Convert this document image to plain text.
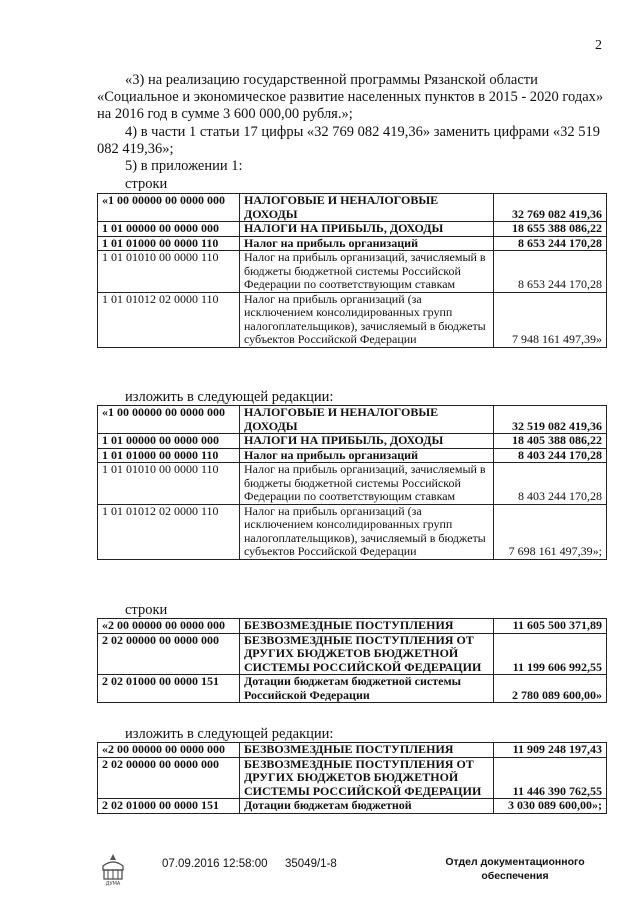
2
«3) на реализацию государственной программы Рязанской области «Социальное и экономическое развитие населенных пунктов в 2015 - 2020 годах» на 2016 год в сумме 3 600 000,00 рубля.»;
4) в части 1 статьи 17 цифры «32 769 082 419,36» заменить цифрами «32 519 082 419,36»;
5) в приложении 1:
строки
«1 00 00000 00 0000 000	НАЛОГОВЫЕ И НЕНАЛОГОВЫЕ ДОХОДЫ	32 769 082 419,36
1 01 00000 00 0000 000	НАЛОГИ НА ПРИБЫЛЬ, ДОХОДЫ	18 655 388 086,22
1 01 01000 00 0000 110	Налог на прибыль организаций	8 653 244 170,28
1 01 01010 00 0000 110	Налог на прибыль организаций, зачисляемый в бюджеты бюджетной системы Российской Федерации по соответствующим ставкам	8 653 244 170,28
1 01 01012 02 0000 110	Налог на прибыль организаций (за исключением консолидированных групп налогоплательщиков), зачисляемый в бюджеты субъектов Российской Федерации	7 948 161 497,39»
изложить в следующей редакции:
«1 00 00000 00 0000 000	НАЛОГОВЫЕ И НЕНАЛОГОВЫЕ ДОХОДЫ	32 519 082 419,36
1 01 00000 00 0000 000	НАЛОГИ НА ПРИБЫЛЬ, ДОХОДЫ	18 405 388 086,22
1 01 01000 00 0000 110	Налог на прибыль организаций	8 403 244 170,28
1 01 01010 00 0000 110	Налог на прибыль организаций, зачисляемый в бюджеты бюджетной системы Российской Федерации по соответствующим ставкам	8 403 244 170,28
1 01 01012 02 0000 110	Налог на прибыль организаций (за исключением консолидированных групп налогоплательщиков), зачисляемый в бюджеты субъектов Российской Федерации	7 698 161 497,39»;
строки
«2 00 00000 00 0000 000	БЕЗВОЗМЕЗДНЫЕ ПОСТУПЛЕНИЯ	11 605 500 371,89
2 02 00000 00 0000 000	БЕЗВОЗМЕЗДНЫЕ ПОСТУПЛЕНИЯ ОТ ДРУГИХ БЮДЖЕТОВ БЮДЖЕТНОЙ СИСТЕМЫ РОССИЙСКОЙ ФЕДЕРАЦИИ	11 199 606 992,55
2 02 01000 00 0000 151	Дотации бюджетам бюджетной системы Российской Федерации	2 780 089 600,00»
изложить в следующей редакции:
«2 00 00000 00 0000 000	БЕЗВОЗМЕЗДНЫЕ ПОСТУПЛЕНИЯ	11 909 248 197,43
2 02 00000 00 0000 000	БЕЗВОЗМЕЗДНЫЕ ПОСТУПЛЕНИЯ ОТ ДРУГИХ БЮДЖЕТОВ БЮДЖЕТНОЙ СИСТЕМЫ РОССИЙСКОЙ ФЕДЕРАЦИИ	11 446 390 762,55
2 02 01000 00 0000 151	Дотации бюджетам бюджетной	3 030 089 600,00»;
ДУМА
07.09.2016 12:58:00 35049/1-8	Отдел документационного обеспечения
